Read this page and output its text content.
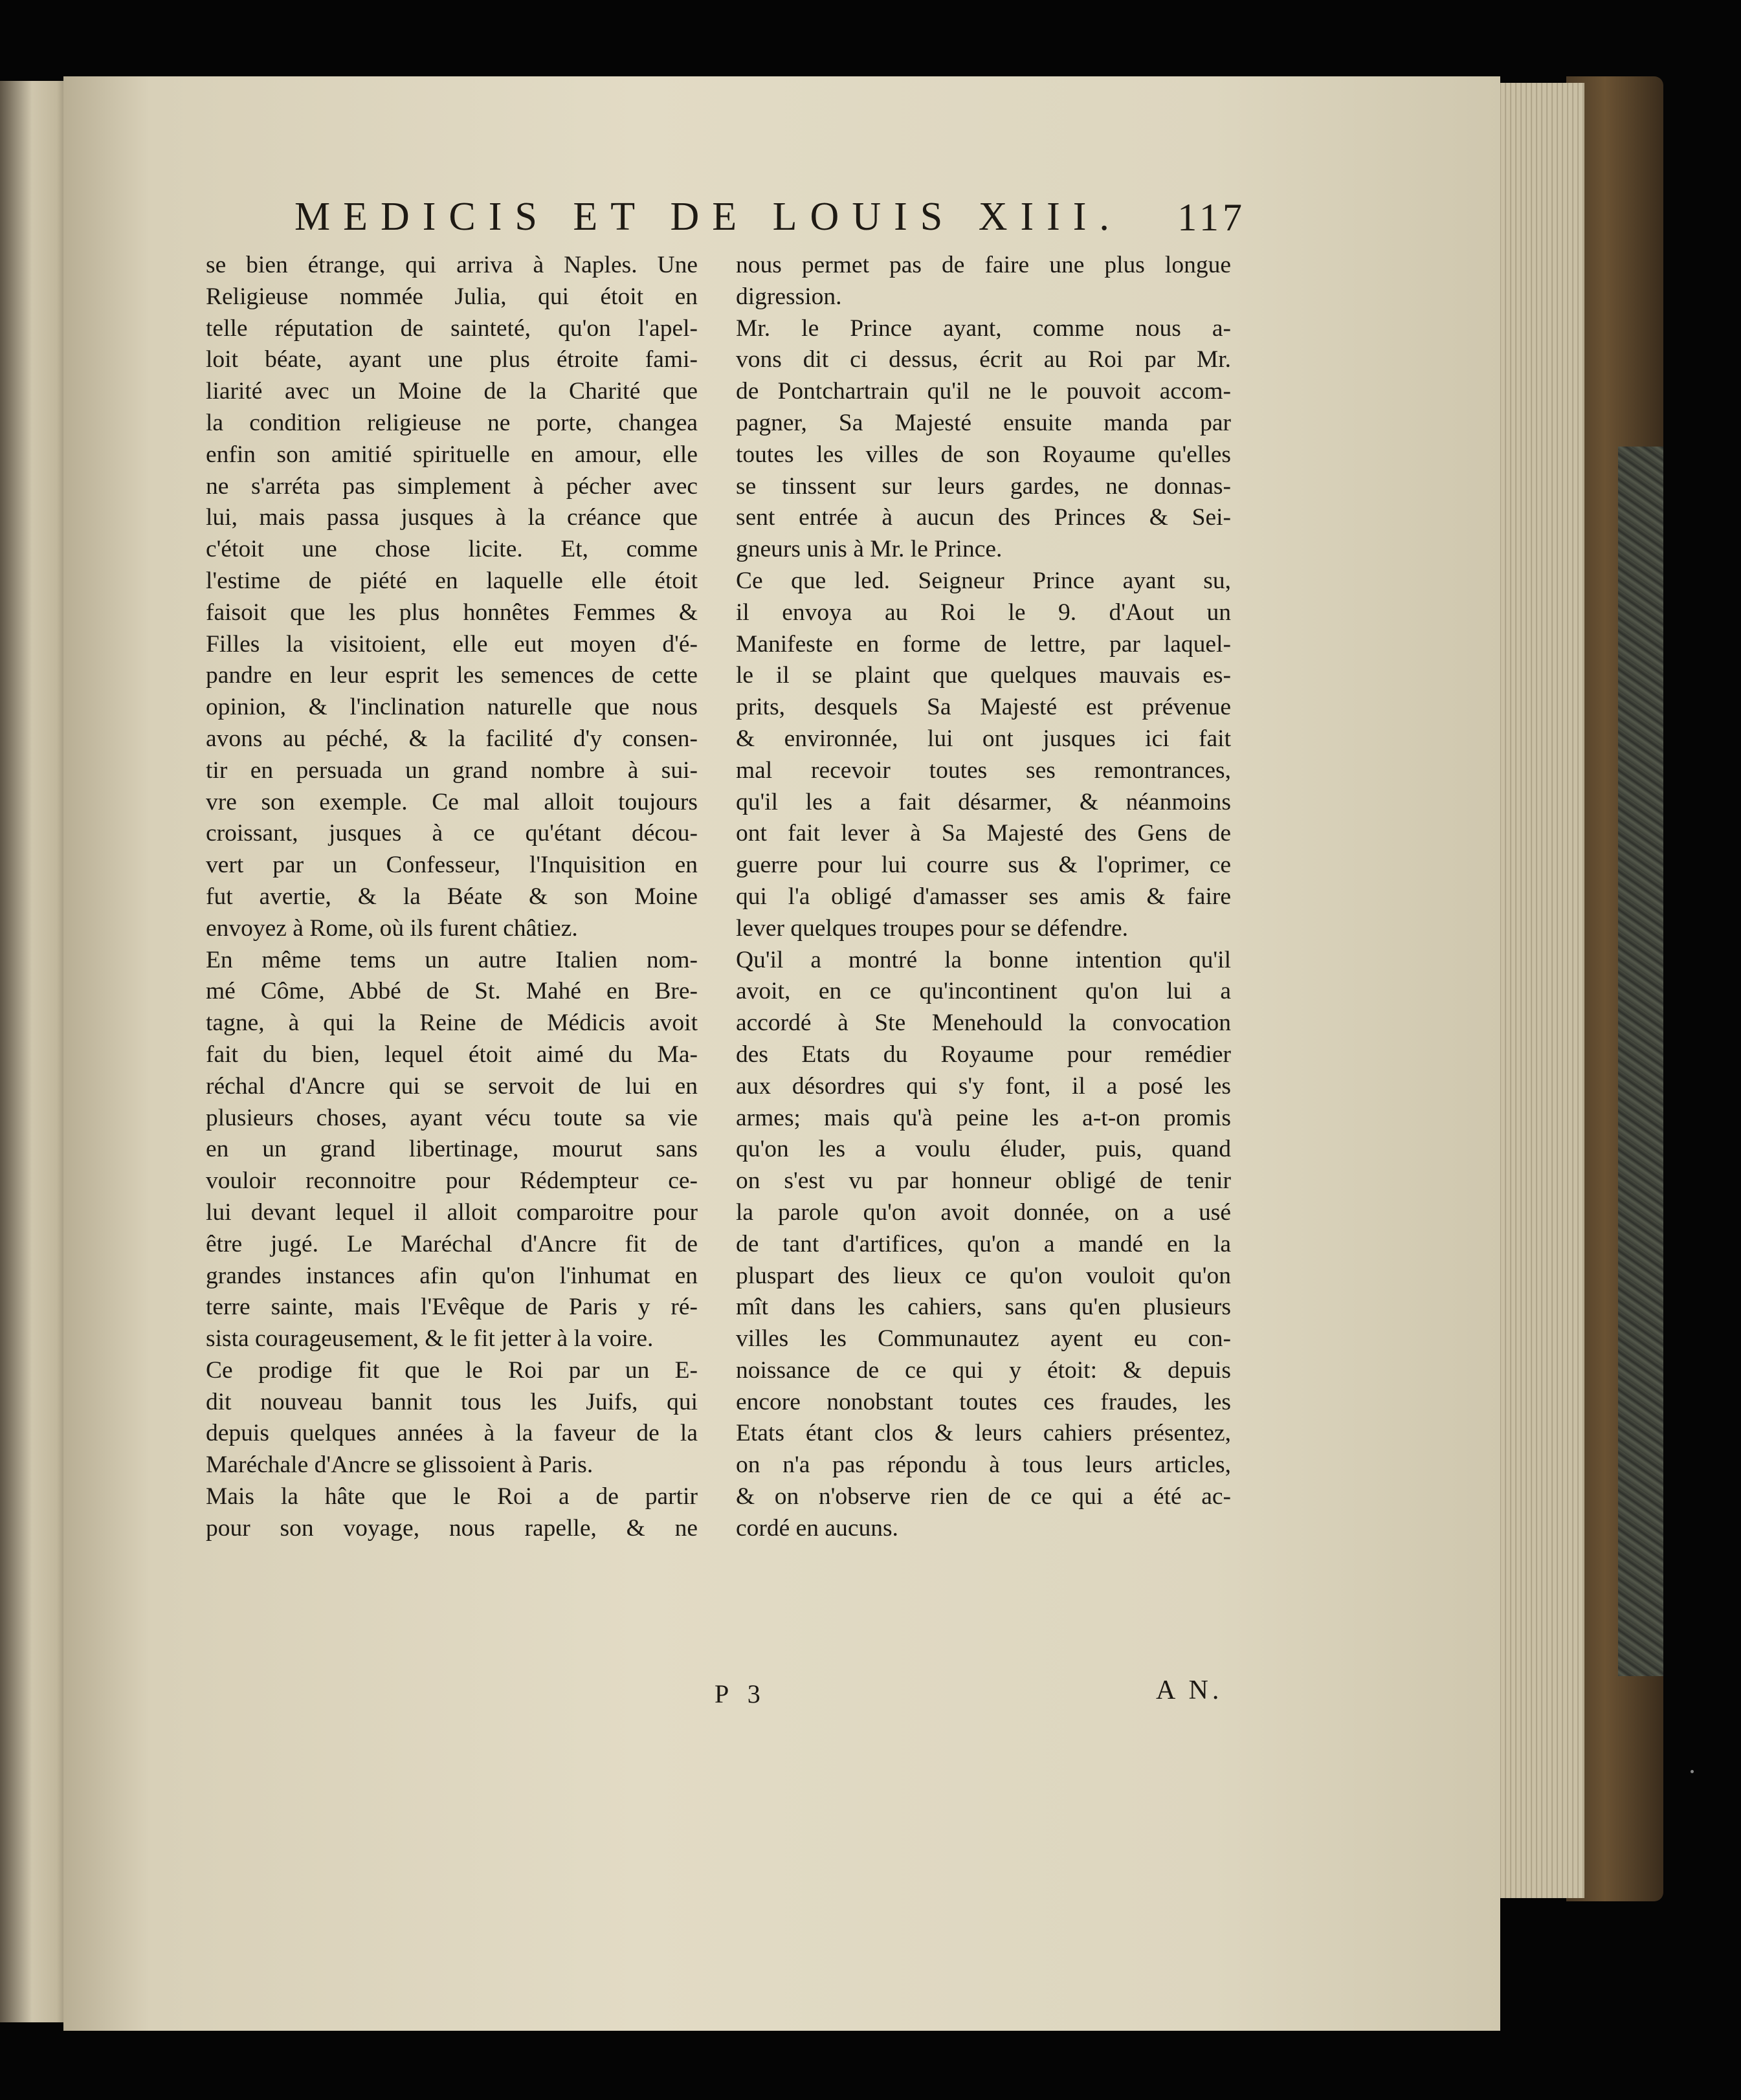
MEDICIS ET DE LOUIS XIII. 117
se bien étrange, qui arriva à Naples. Une
Religieuse nommée Julia, qui étoit en
telle réputation de sainteté, qu'on l'apel-
loit béate, ayant une plus étroite fami-
liarité avec un Moine de la Charité que
la condition religieuse ne porte, changea
enfin son amitié spirituelle en amour, elle
ne s'arréta pas simplement à pécher avec
lui, mais passa jusques à la créance que
c'étoit une chose licite. Et, comme
l'estime de piété en laquelle elle étoit
faisoit que les plus honnêtes Femmes &
Filles la visitoient, elle eut moyen d'é-
pandre en leur esprit les semences de cette
opinion, & l'inclination naturelle que nous
avons au péché, & la facilité d'y consen-
tir en persuada un grand nombre à sui-
vre son exemple. Ce mal alloit toujours
croissant, jusques à ce qu'étant décou-
vert par un Confesseur, l'Inquisition en
fut avertie, & la Béate & son Moine
envoyez à Rome, où ils furent châtiez.
En même tems un autre Italien nom-
mé Côme, Abbé de St. Mahé en Bre-
tagne, à qui la Reine de Médicis avoit
fait du bien, lequel étoit aimé du Ma-
réchal d'Ancre qui se servoit de lui en
plusieurs choses, ayant vécu toute sa vie
en un grand libertinage, mourut sans
vouloir reconnoitre pour Rédempteur ce-
lui devant lequel il alloit comparoitre pour
être jugé. Le Maréchal d'Ancre fit de
grandes instances afin qu'on l'inhumat en
terre sainte, mais l'Evêque de Paris y ré-
sista courageusement, & le fit jetter à la voire.
Ce prodige fit que le Roi par un E-
dit nouveau bannit tous les Juifs, qui
depuis quelques années à la faveur de la
Maréchale d'Ancre se glissoient à Paris.
Mais la hâte que le Roi a de partir
pour son voyage, nous rapelle, & ne
nous permet pas de faire une plus longue
digression.
Mr. le Prince ayant, comme nous a-
vons dit ci dessus, écrit au Roi par Mr.
de Pontchartrain qu'il ne le pouvoit accom-
pagner, Sa Majesté ensuite manda par
toutes les villes de son Royaume qu'elles
se tinssent sur leurs gardes, ne donnas-
sent entrée à aucun des Princes & Sei-
gneurs unis à Mr. le Prince.
Ce que led. Seigneur Prince ayant su,
il envoya au Roi le 9. d'Aout un
Manifeste en forme de lettre, par laquel-
le il se plaint que quelques mauvais es-
prits, desquels Sa Majesté est prévenue
& environnée, lui ont jusques ici fait
mal recevoir toutes ses remontrances,
qu'il les a fait désarmer, & néanmoins
ont fait lever à Sa Majesté des Gens de
guerre pour lui courre sus & l'oprimer, ce
qui l'a obligé d'amasser ses amis & faire
lever quelques troupes pour se défendre.
Qu'il a montré la bonne intention qu'il
avoit, en ce qu'incontinent qu'on lui a
accordé à Ste Menehould la convocation
des Etats du Royaume pour remédier
aux désordres qui s'y font, il a posé les
armes; mais qu'à peine les a-t-on promis
qu'on les a voulu éluder, puis, quand
on s'est vu par honneur obligé de tenir
la parole qu'on avoit donnée, on a usé
de tant d'artifices, qu'on a mandé en la
pluspart des lieux ce qu'on vouloit qu'on
mît dans les cahiers, sans qu'en plusieurs
villes les Communautez ayent eu con-
noissance de ce qui y étoit: & depuis
encore nonobstant toutes ces fraudes, les
Etats étant clos & leurs cahiers présentez,
on n'a pas répondu à tous leurs articles,
& on n'observe rien de ce qui a été ac-
cordé en aucuns.
P 3	A N.
